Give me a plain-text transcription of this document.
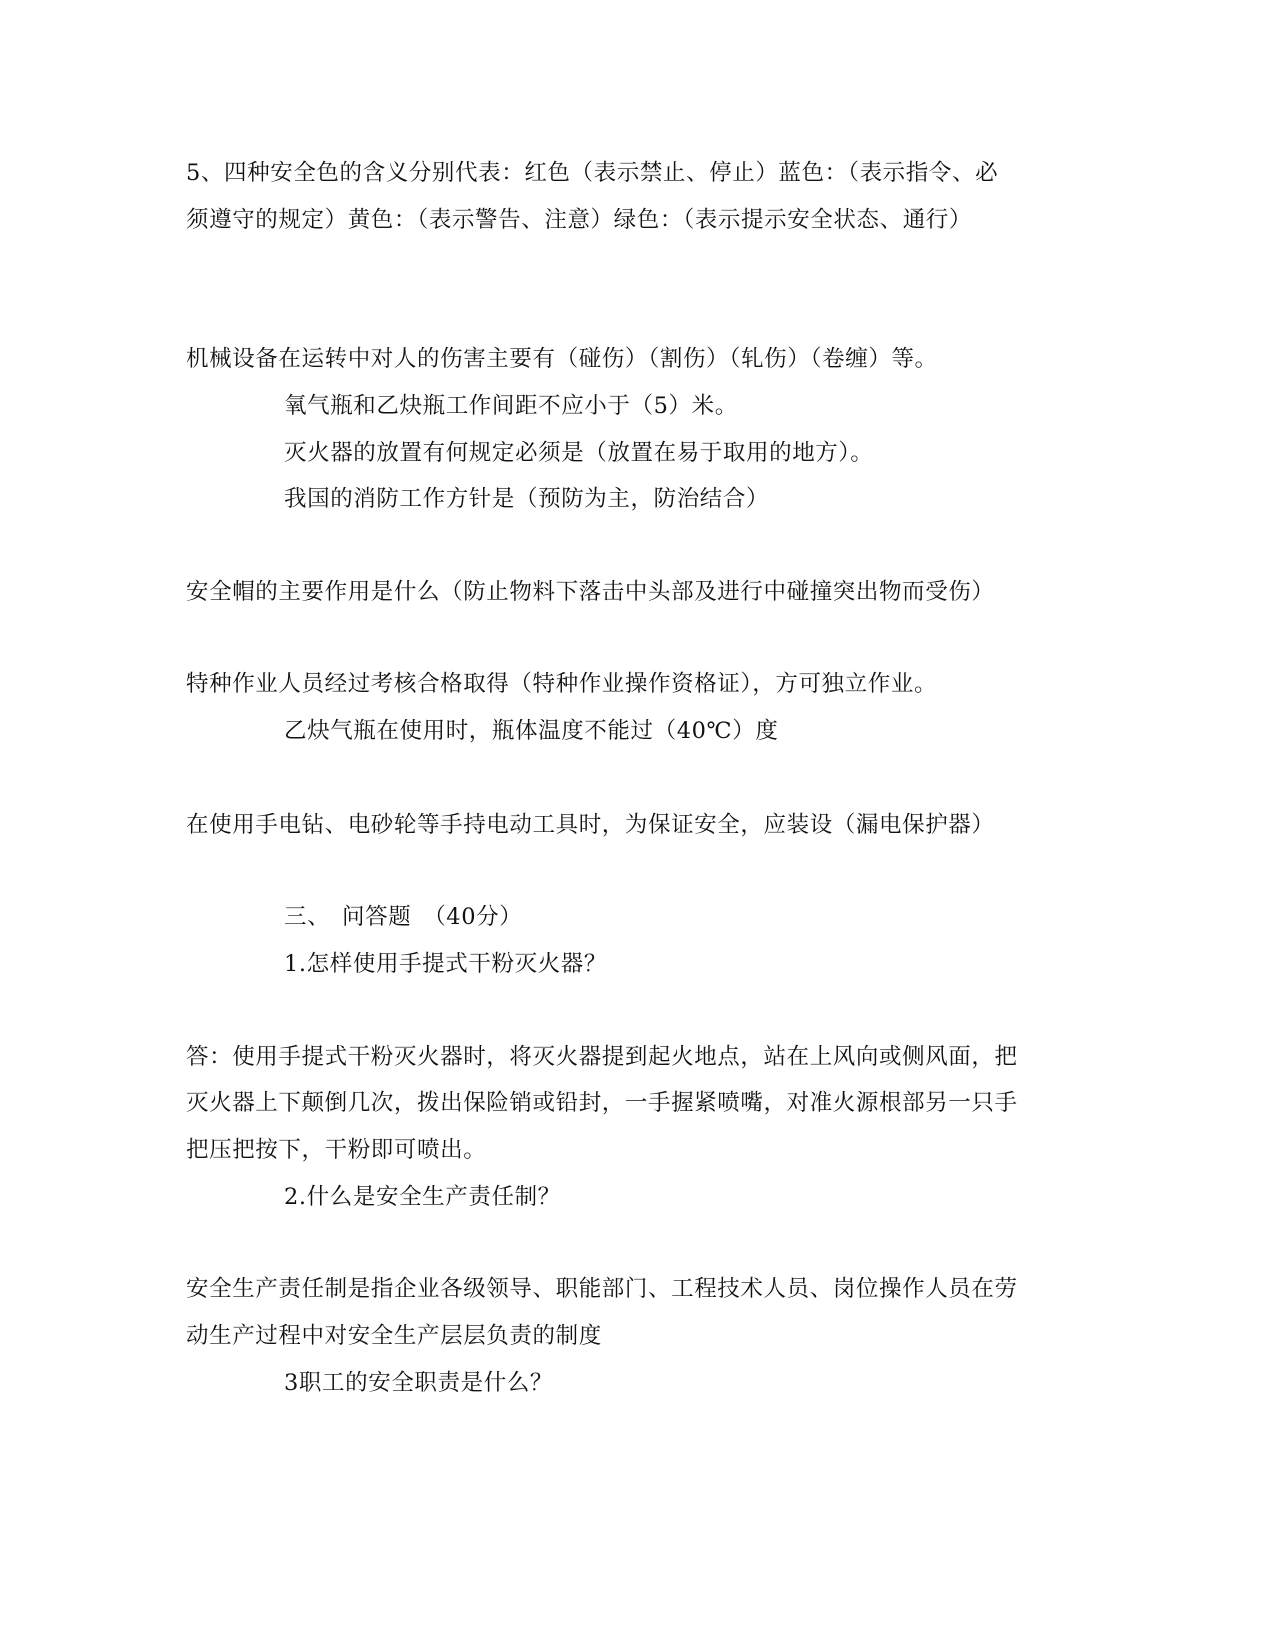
5、四种安全色的含义分别代表：红色（表示禁止、停止）蓝色：（表示指令、必
须遵守的规定）黄色：（表示警告、注意）绿色：（表示提示安全状态、通行）
机械设备在运转中对人的伤害主要有（碰伤）（割伤）（轧伤）（卷缠）等。
氧气瓶和乙炔瓶工作间距不应小于（5）米。
灭火器的放置有何规定必须是（放置在易于取用的地方）。
我国的消防工作方针是（预防为主，防治结合）
安全帽的主要作用是什么（防止物料下落击中头部及进行中碰撞突出物而受伤）
特种作业人员经过考核合格取得（特种作业操作资格证），方可独立作业。
乙炔气瓶在使用时，瓶体温度不能过（40℃）度
在使用手电钻、电砂轮等手持电动工具时，为保证安全，应装设（漏电保护器）
三、　问答题　（40分）
1.怎样使用手提式干粉灭火器？
答：使用手提式干粉灭火器时，将灭火器提到起火地点，站在上风向或侧风面，把
灭火器上下颠倒几次，拨出保险销或铅封，一手握紧喷嘴，对准火源根部另一只手
把压把按下，干粉即可喷出。
2.什么是安全生产责任制？
安全生产责任制是指企业各级领导、职能部门、工程技术人员、岗位操作人员在劳
动生产过程中对安全生产层层负责的制度
3职工的安全职责是什么？
